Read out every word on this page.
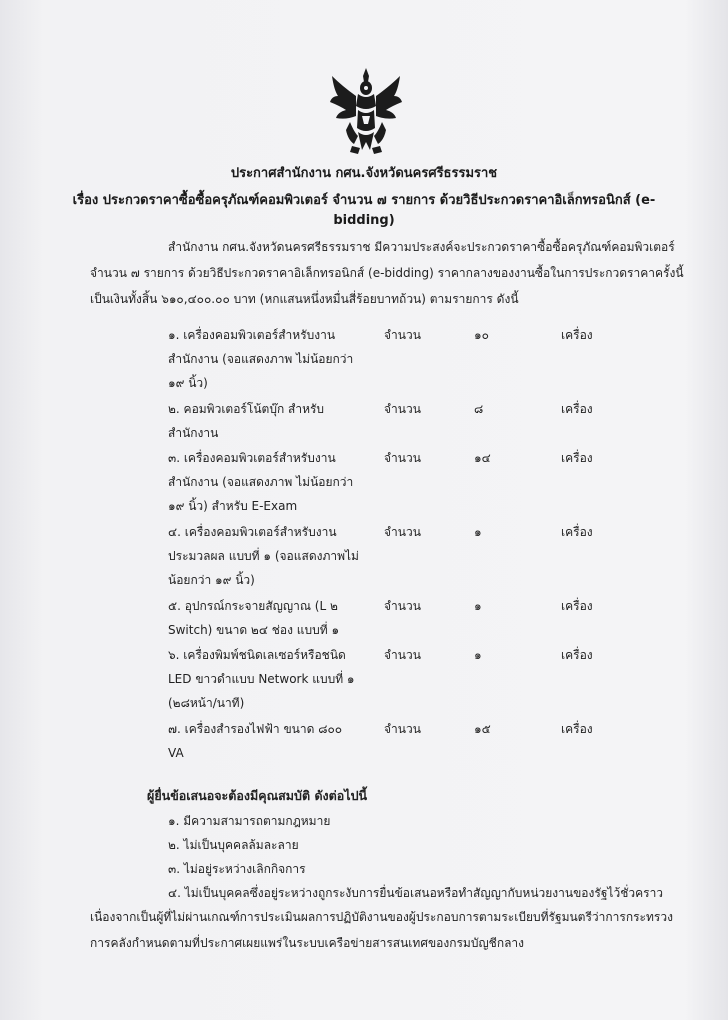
ประกาศสำนักงาน กศน.จังหวัดนครศรีธรรมราช
เรื่อง ประกวดราคาซื้อซื้อครุภัณฑ์คอมพิวเตอร์ จำนวน ๗ รายการ ด้วยวิธีประกวดราคาอิเล็กทรอนิกส์ (e-
bidding)
สำนักงาน กศน.จังหวัดนครศรีธรรมราช มีความประสงค์จะประกวดราคาซื้อซื้อครุภัณฑ์คอมพิวเตอร์
จำนวน ๗ รายการ ด้วยวิธีประกวดราคาอิเล็กทรอนิกส์ (e-bidding) ราคากลางของงานซื้อในการประกวดราคาครั้งนี้
เป็นเงินทั้งสิ้น ๖๑๐,๔๐๐.๐๐ บาท (หกแสนหนึ่งหมื่นสี่ร้อยบาทถ้วน) ตามรายการ ดังนี้
๑. เครื่องคอมพิวเตอร์สำหรับงาน
สำนักงาน (จอแสดงภาพ ไม่น้อยกว่า
๑๙ นิ้ว)
จำนวน	๑๐	เครื่อง
๒. คอมพิวเตอร์โน้ตบุ๊ก สำหรับ
สำนักงาน
จำนวน	๘	เครื่อง
๓. เครื่องคอมพิวเตอร์สำหรับงาน
สำนักงาน (จอแสดงภาพ ไม่น้อยกว่า
๑๙ นิ้ว) สำหรับ E-Exam
จำนวน	๑๔	เครื่อง
๔. เครื่องคอมพิวเตอร์สำหรับงาน
ประมวลผล แบบที่ ๑ (จอแสดงภาพไม่
น้อยกว่า ๑๙ นิ้ว)
จำนวน	๑	เครื่อง
๕. อุปกรณ์กระจายสัญญาณ (L ๒
Switch) ขนาด ๒๔ ช่อง แบบที่ ๑
จำนวน	๑	เครื่อง
๖. เครื่องพิมพ์ชนิดเลเซอร์หรือชนิด
LED ขาวดำแบบ Network แบบที่ ๑
(๒๘หน้า/นาที)
จำนวน	๑	เครื่อง
๗. เครื่องสำรองไฟฟ้า ขนาด ๘๐๐
VA
จำนวน	๑๕	เครื่อง
ผู้ยื่นข้อเสนอจะต้องมีคุณสมบัติ ดังต่อไปนี้
๑. มีความสามารถตามกฎหมาย
๒. ไม่เป็นบุคคลล้มละลาย
๓. ไม่อยู่ระหว่างเลิกกิจการ
๔. ไม่เป็นบุคคลซึ่งอยู่ระหว่างถูกระงับการยื่นข้อเสนอหรือทำสัญญากับหน่วยงานของรัฐไว้ชั่วคราว
เนื่องจากเป็นผู้ที่ไม่ผ่านเกณฑ์การประเมินผลการปฏิบัติงานของผู้ประกอบการตามระเบียบที่รัฐมนตรีว่าการกระทรวง
การคลังกำหนดตามที่ประกาศเผยแพร่ในระบบเครือข่ายสารสนเทศของกรมบัญชีกลาง
